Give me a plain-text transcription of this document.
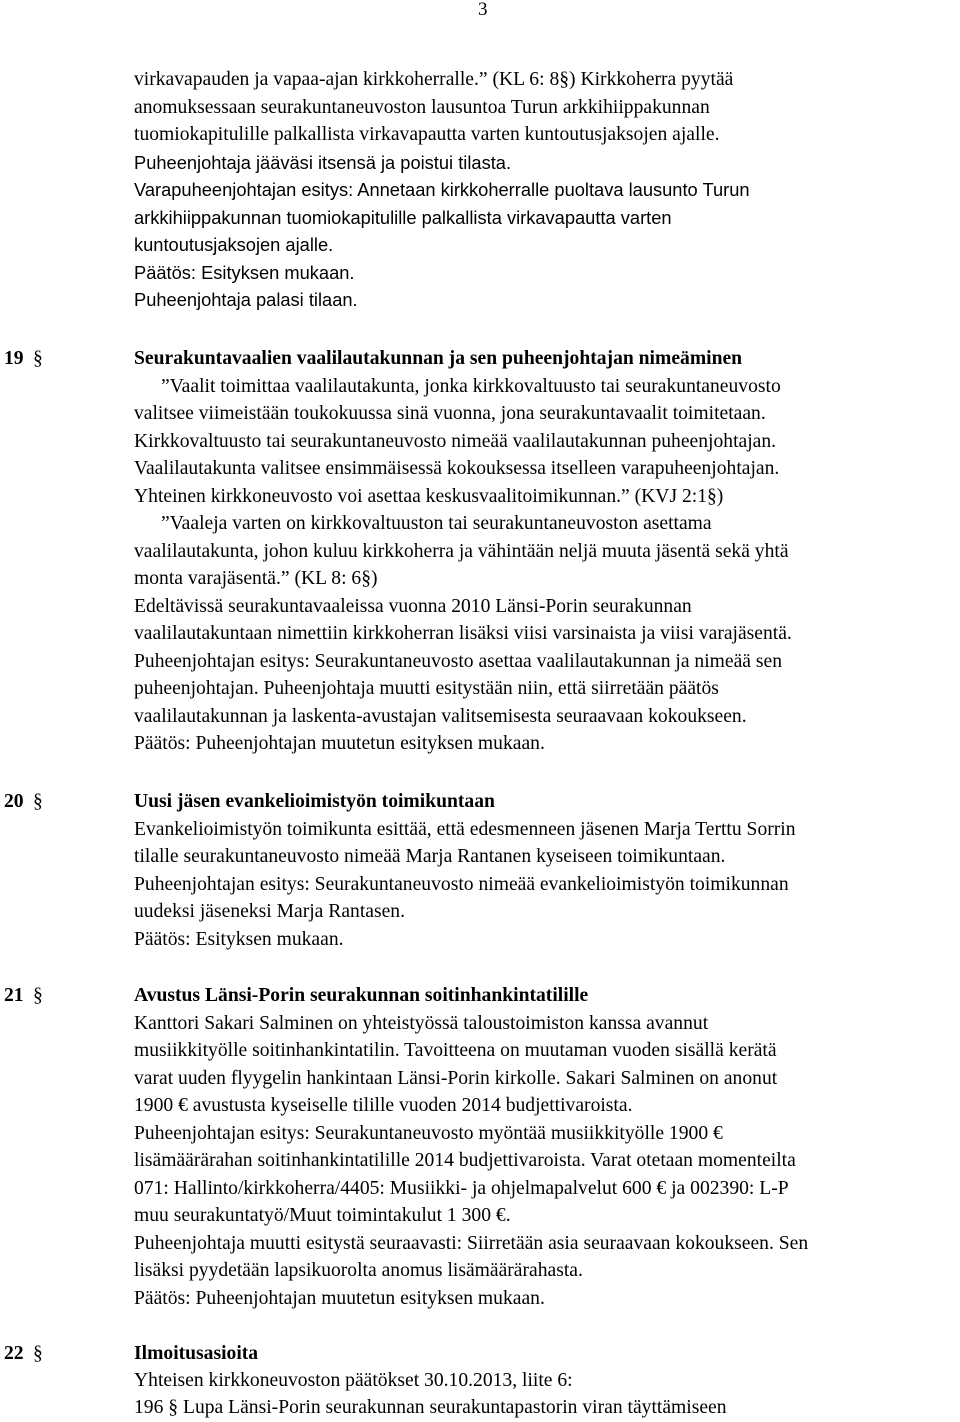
3
virkavapauden ja vapaa-ajan kirkkoherralle.” (KL 6: 8§) Kirkkoherra pyytää
anomuksessaan seurakuntaneuvoston lausuntoa Turun arkkihiippakunnan
tuomiokapitulille palkallista virkavapautta varten kuntoutusjaksojen ajalle.
Puheenjohtaja jääväsi itsensä ja poistui tilasta.
Varapuheenjohtajan esitys: Annetaan kirkkoherralle puoltava lausunto Turun
arkkihiippakunnan tuomiokapitulille palkallista virkavapautta varten
kuntoutusjaksojen ajalle.
Päätös: Esityksen mukaan.
Puheenjohtaja palasi tilaan.
19 §	Seurakuntavaalien vaalilautakunnan ja sen puheenjohtajan nimeäminen
”Vaalit toimittaa vaalilautakunta, jonka kirkkovaltuusto tai seurakuntaneuvosto
valitsee viimeistään toukokuussa sinä vuonna, jona seurakuntavaalit toimitetaan.
Kirkkovaltuusto tai seurakuntaneuvosto nimeää vaalilautakunnan puheenjohtajan.
Vaalilautakunta valitsee ensimmäisessä kokouksessa itselleen varapuheenjohtajan.
Yhteinen kirkkoneuvosto voi asettaa keskusvaalitoimikunnan.” (KVJ 2:1§)
”Vaaleja varten on kirkkovaltuuston tai seurakuntaneuvoston asettama
vaalilautakunta, johon kuluu kirkkoherra ja vähintään neljä muuta jäsentä sekä yhtä
monta varajäsentä.” (KL 8: 6§)
Edeltävissä seurakuntavaaleissa vuonna 2010 Länsi-Porin seurakunnan
vaalilautakuntaan nimettiin kirkkoherran lisäksi viisi varsinaista ja viisi varajäsentä.
Puheenjohtajan esitys: Seurakuntaneuvosto asettaa vaalilautakunnan ja nimeää sen
puheenjohtajan. Puheenjohtaja muutti esitystään niin, että siirretään päätös
vaalilautakunnan ja laskenta-avustajan valitsemisesta seuraavaan kokoukseen.
Päätös: Puheenjohtajan muutetun esityksen mukaan.
20 §	Uusi jäsen evankelioimistyön toimikuntaan
Evankelioimistyön toimikunta esittää, että edesmenneen jäsenen Marja Terttu Sorrin
tilalle seurakuntaneuvosto nimeää Marja Rantanen kyseiseen toimikuntaan.
Puheenjohtajan esitys: Seurakuntaneuvosto nimeää evankelioimistyön toimikunnan
uudeksi jäseneksi Marja Rantasen.
Päätös: Esityksen mukaan.
21 §	Avustus Länsi-Porin seurakunnan soitinhankintatilille
Kanttori Sakari Salminen on yhteistyössä taloustoimiston kanssa avannut
musiikkityölle soitinhankintatilin. Tavoitteena on muutaman vuoden sisällä kerätä
varat uuden flyygelin hankintaan Länsi-Porin kirkolle. Sakari Salminen on anonut
1900 € avustusta kyseiselle tilille vuoden 2014 budjettivaroista.
Puheenjohtajan esitys: Seurakuntaneuvosto myöntää musiikkityölle 1900 €
lisämäärärahan soitinhankintatilille 2014 budjettivaroista. Varat otetaan momenteilta
071: Hallinto/kirkkoherra/4405: Musiikki- ja ohjelmapalvelut 600 € ja 002390: L-P
muu seurakuntatyö/Muut toimintakulut 1 300 €.
Puheenjohtaja muutti esitystä seuraavasti: Siirretään asia seuraavaan kokoukseen. Sen
lisäksi pyydetään lapsikuorolta anomus lisämäärärahasta.
Päätös: Puheenjohtajan muutetun esityksen mukaan.
22 §	Ilmoitusasioita
Yhteisen kirkkoneuvoston päätökset 30.10.2013, liite 6:
196 § Lupa Länsi-Porin seurakunnan seurakuntapastorin viran täyttämiseen
